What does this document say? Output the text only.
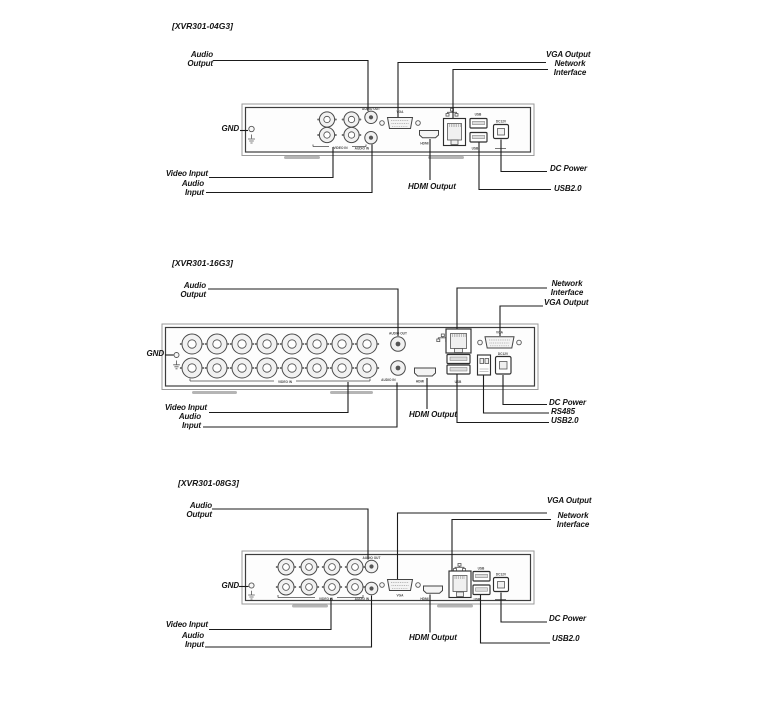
AUDIO OUT
AUDIO IN
VIDEO IN
VGA
HDMI
USB
USB
DC12V
AUDIO OUT
AUDIO IN
VIDEO IN	HDMI	USB
VGA
DC12V
AUDIO OUT
AUDIO IN
VIDEO IN
VGA
HDMI
USB
USB
DC12V
[XVR301-04G3]
Audio Output
VGA Output
Network Interface
GND
Video Input
Audio Input
HDMI Output
DC Power
USB2.0
[XVR301-16G3]
Audio Output
Network Interface
VGA Output
GND
Video Input
Audio Input
HDMI Output
DC Power
RS485
USB2.0
[XVR301-08G3]
Audio Output
VGA Output
Network Interface
GND
Video Input
Audio Input
HDMI Output
DC Power
USB2.0
